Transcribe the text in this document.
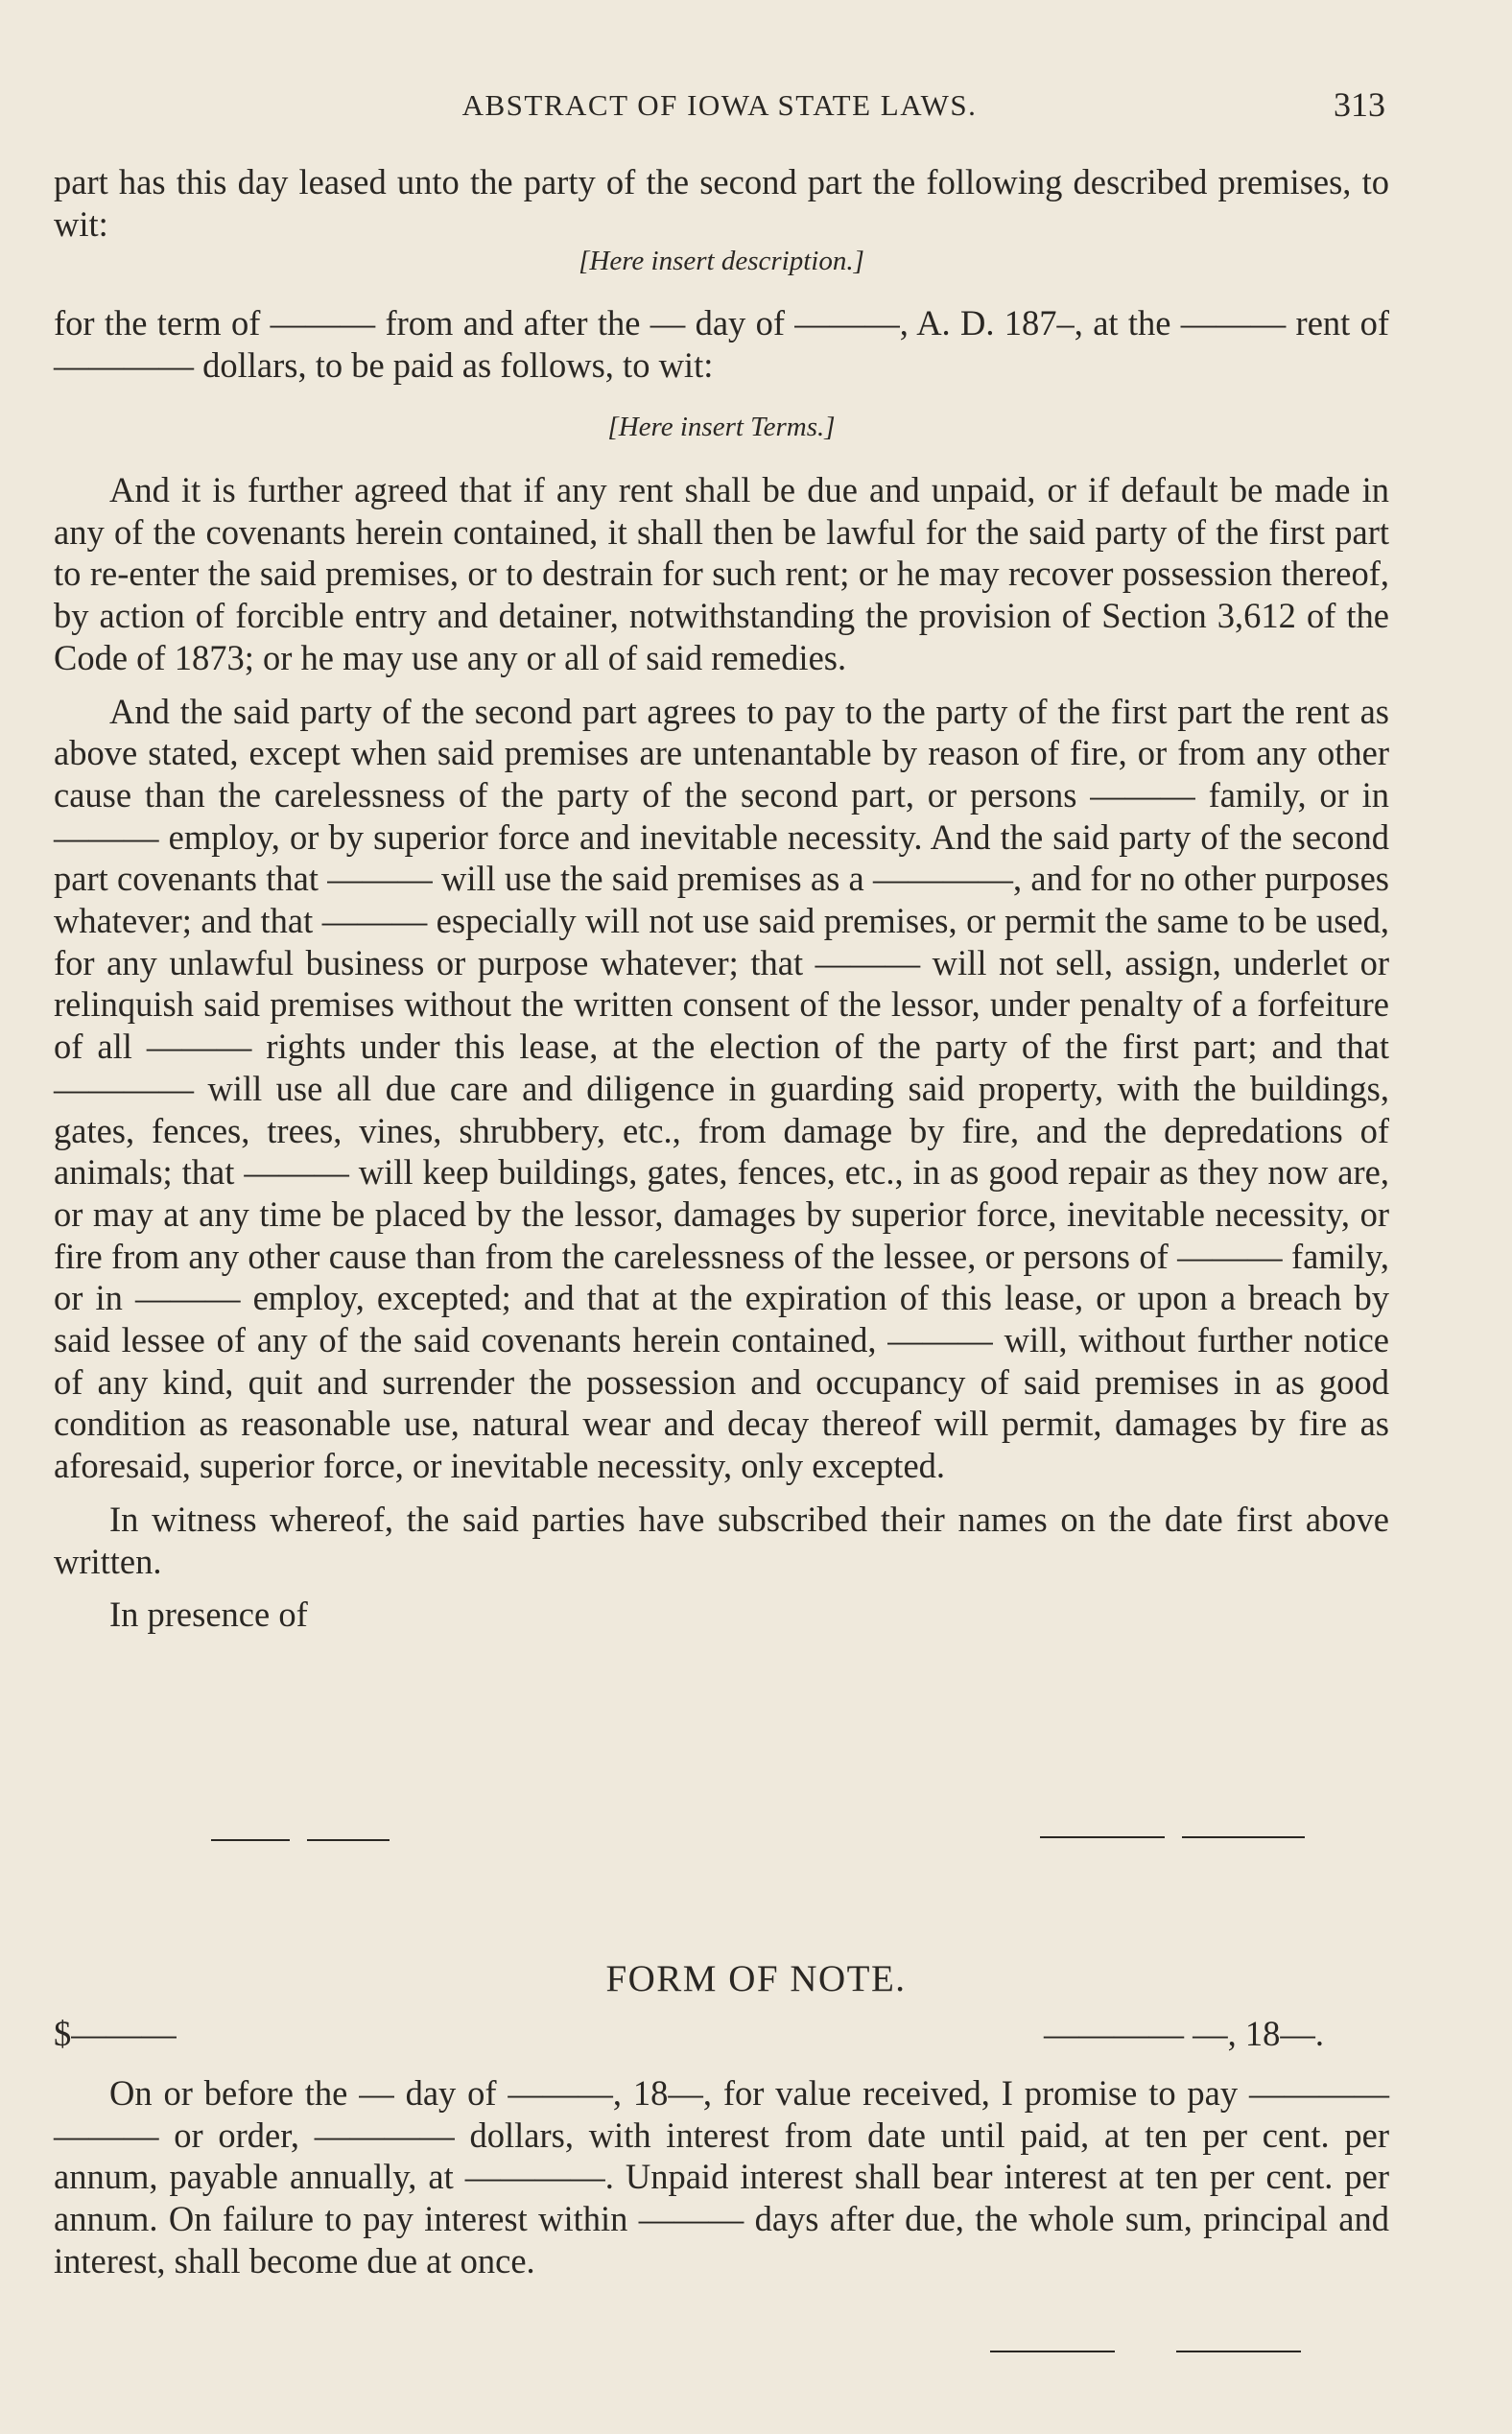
ABSTRACT OF IOWA STATE LAWS.	313

part has this day leased unto the party of the second part the following described premises, to wit:

[Here insert description.]

for the term of ——— from and after the — day of ———, A. D. 187–, at the ——— rent of ———— dollars, to be paid as follows, to wit:

[Here insert Terms.]

And it is further agreed that if any rent shall be due and unpaid, or if default be made in any of the covenants herein contained, it shall then be lawful for the said party of the first part to re-enter the said premises, or to destrain for such rent; or he may recover possession thereof, by action of forcible entry and detainer, notwithstanding the provision of Section 3,612 of the Code of 1873; or he may use any or all of said remedies.

And the said party of the second part agrees to pay to the party of the first part the rent as above stated, except when said premises are untenantable by reason of fire, or from any other cause than the carelessness of the party of the second part, or persons ——— family, or in ——— employ, or by superior force and inevitable necessity. And the said party of the second part covenants that ——— will use the said premises as a ————, and for no other purposes whatever; and that ——— especially will not use said premises, or permit the same to be used, for any unlawful business or purpose whatever; that ——— will not sell, assign, underlet or relinquish said premises without the written consent of the lessor, under penalty of a forfeiture of all ——— rights under this lease, at the election of the party of the first part; and that ———— will use all due care and diligence in guarding said property, with the buildings, gates, fences, trees, vines, shrubbery, etc., from damage by fire, and the depredations of animals; that ——— will keep buildings, gates, fences, etc., in as good repair as they now are, or may at any time be placed by the lessor, damages by superior force, inevitable necessity, or fire from any other cause than from the carelessness of the lessee, or persons of ——— family, or in ——— employ, excepted; and that at the expiration of this lease, or upon a breach by said lessee of any of the said covenants herein contained, ——— will, without further notice of any kind, quit and surrender the possession and occupancy of said premises in as good condition as reasonable use, natural wear and decay thereof will permit, damages by fire as aforesaid, superior force, or inevitable necessity, only excepted.

In witness whereof, the said parties have subscribed their names on the date first above written.

In presence of

FORM OF NOTE.
$———	———— —, 18—.

On or before the — day of ———, 18—, for value received, I promise to pay ———— ——— or order, ———— dollars, with interest from date until paid, at ten per cent. per annum, payable annually, at ————. Unpaid interest shall bear interest at ten per cent. per annum. On failure to pay interest within ——— days after due, the whole sum, principal and interest, shall become due at once.
